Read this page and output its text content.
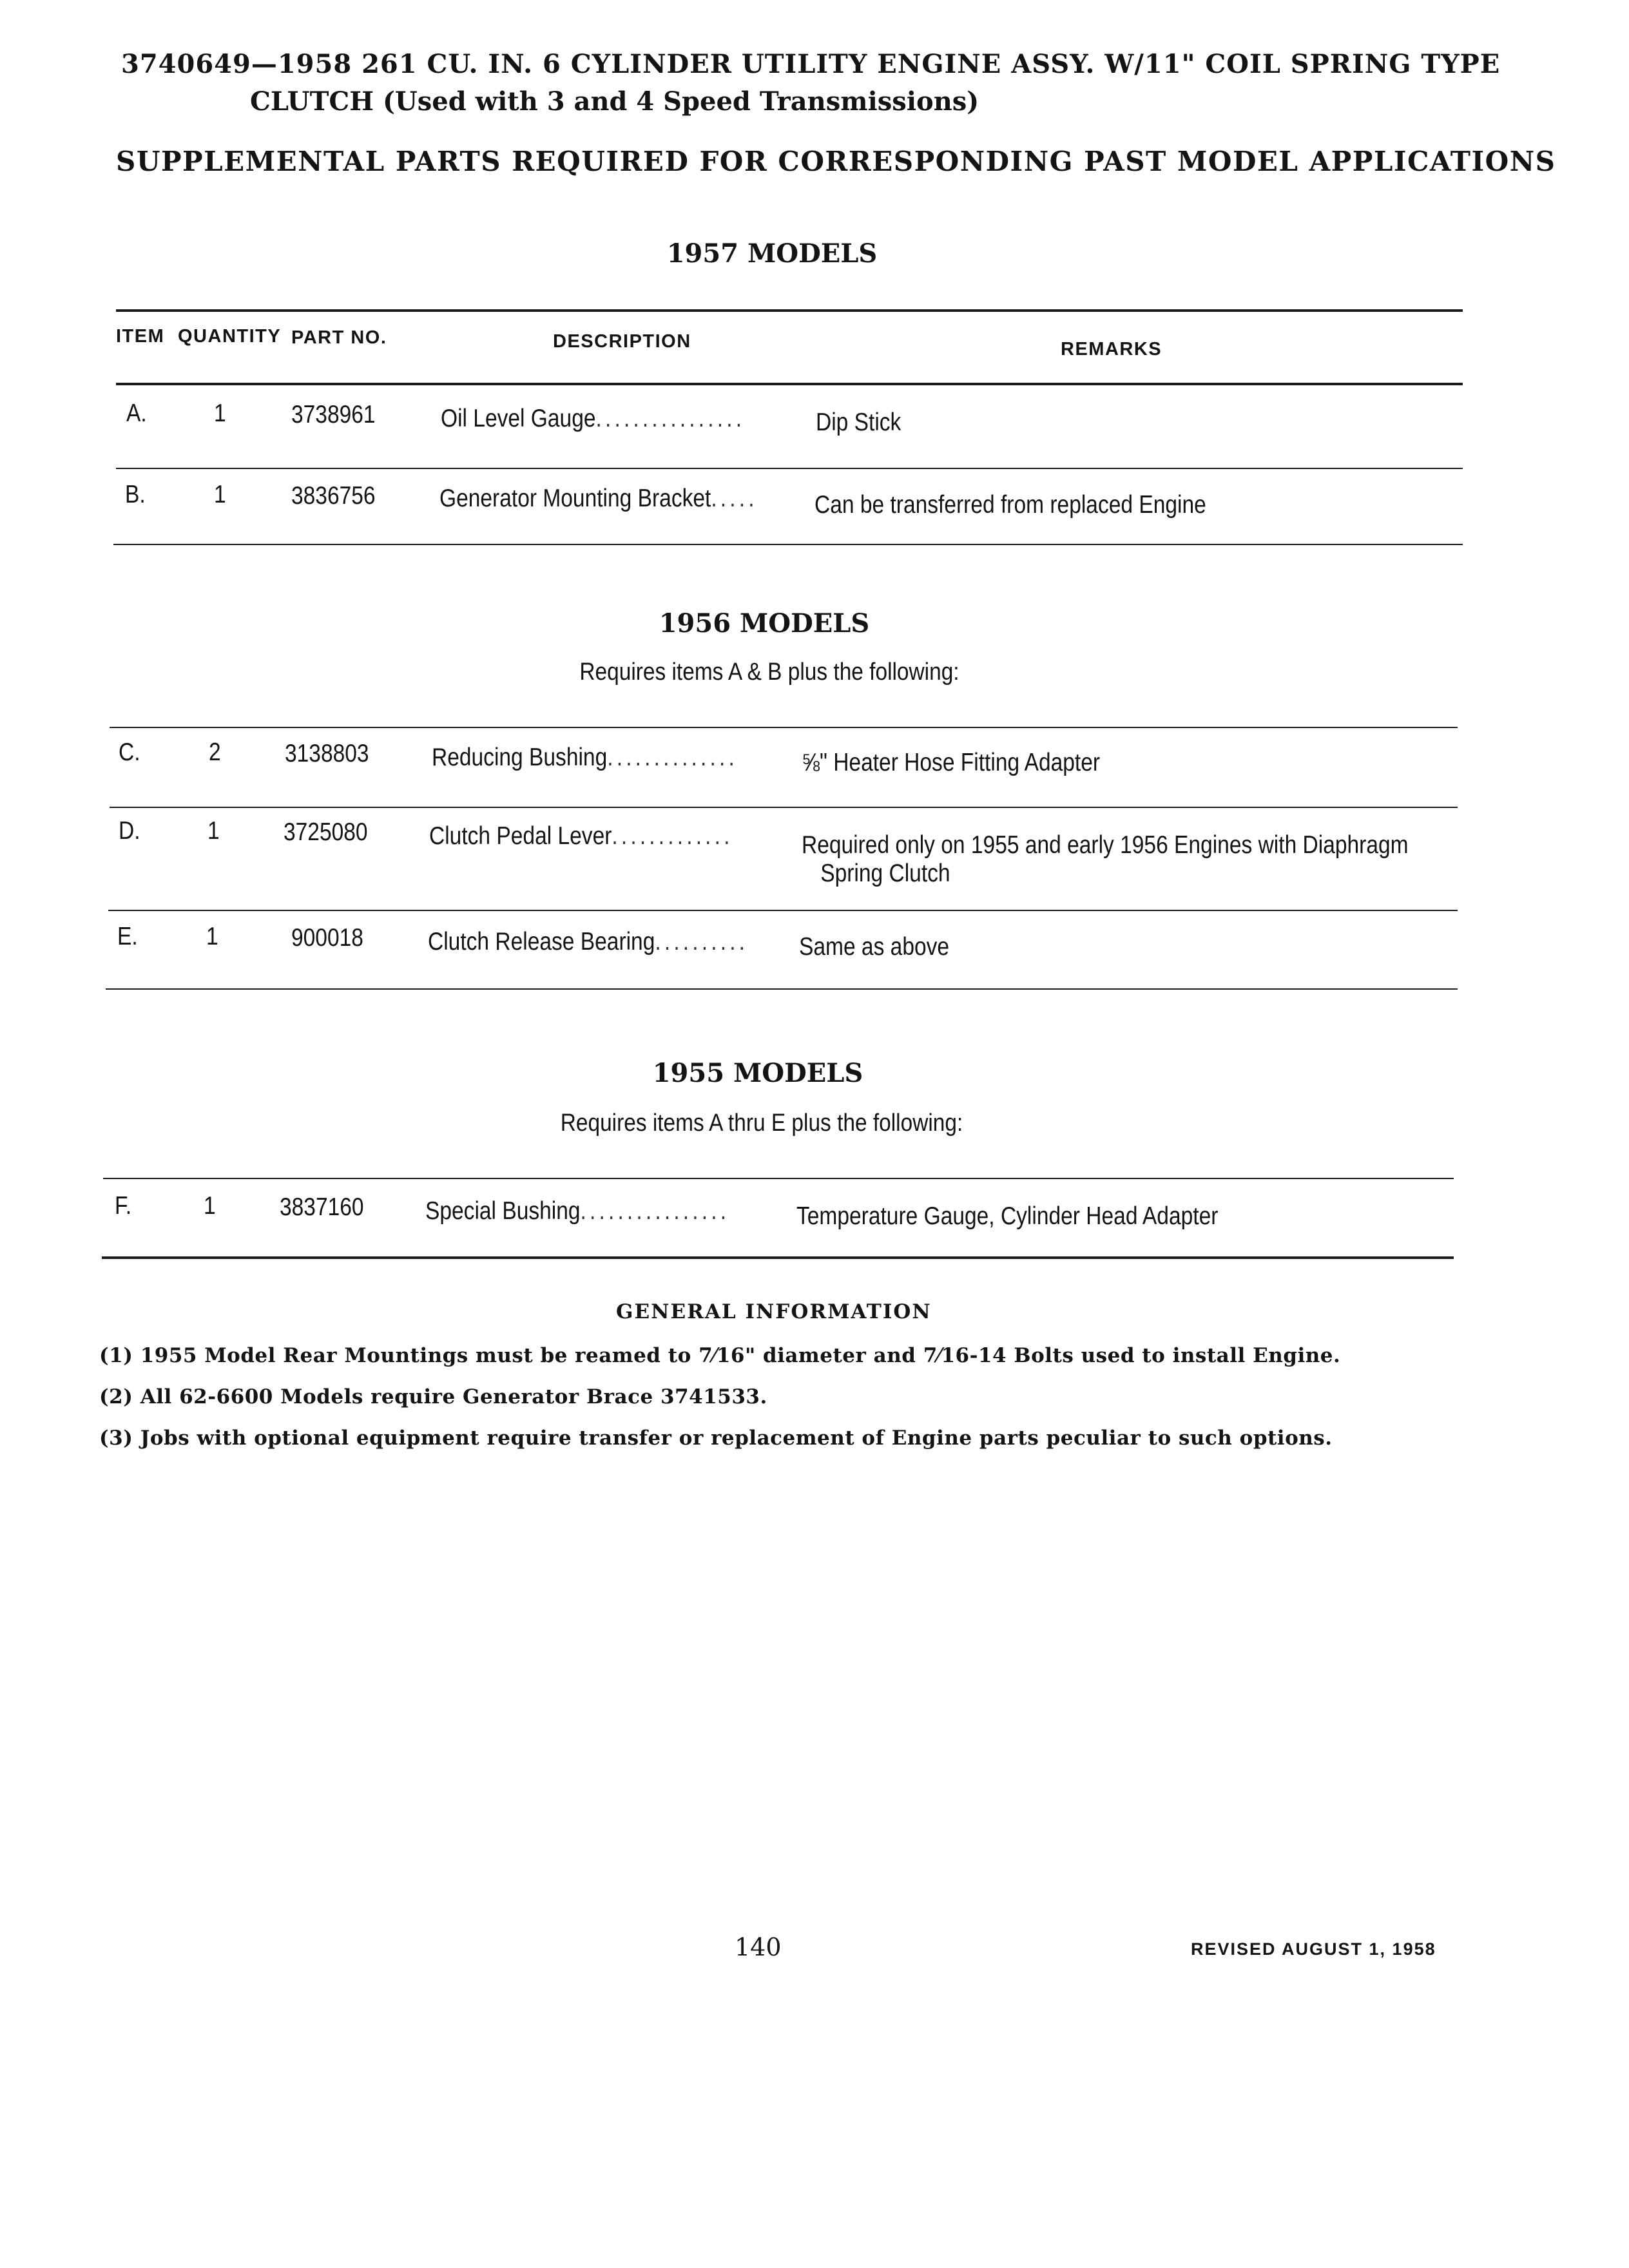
3740649—1958 261 CU. IN. 6 CYLINDER UTILITY ENGINE ASSY. W/11" COIL SPRING TYPE
CLUTCH (Used with 3 and 4 Speed Transmissions)
SUPPLEMENTAL PARTS REQUIRED FOR CORRESPONDING PAST MODEL APPLICATIONS
1957 MODELS
ITEM QUANTITY PART NO.	DESCRIPTION	REMARKS
A.	1	3738961	Oil Level Gauge ................	Dip Stick
B.	1	3836756	Generator Mounting Bracket ..... Can be transferred from replaced Engine
1956 MODELS
Requires items A & B plus the following:
C.	2	3138803 Reducing Bushing ..............	⅝" Heater Hose Fitting Adapter
D.	1	3725080 Clutch Pedal Lever .............	Required only on 1955 and early 1956 Engines with Diaphragm
Spring Clutch
E.	1	900018	Clutch Release Bearing .......... Same as above
1955 MODELS
Requires items A thru E plus the following:
F.	1	3837160 Special Bushing ................	Temperature Gauge, Cylinder Head Adapter
GENERAL INFORMATION
(1) 1955 Model Rear Mountings must be reamed to 7⁄16" diameter and 7⁄16-14 Bolts used to install Engine.
(2) All 62-6600 Models require Generator Brace 3741533.
(3) Jobs with optional equipment require transfer or replacement of Engine parts peculiar to such options.
140	REVISED AUGUST 1, 1958
